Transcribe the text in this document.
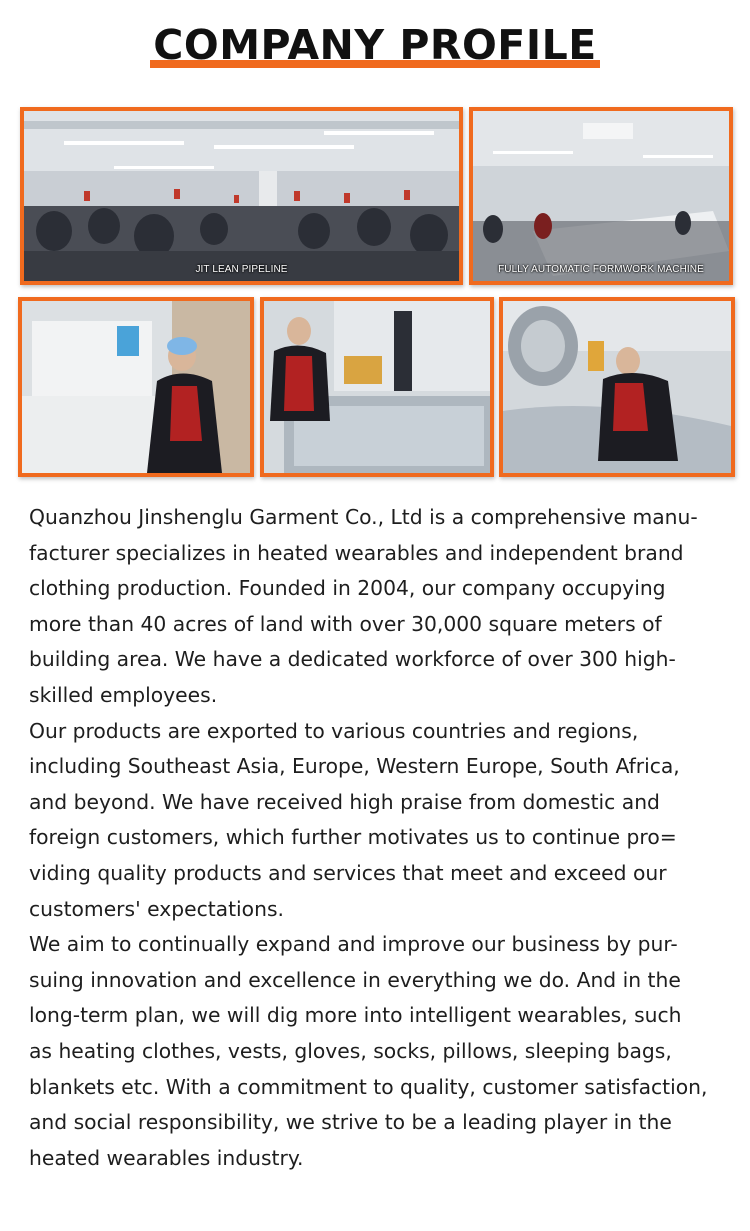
COMPANY PROFILE
JIT LEAN PIPELINE	FULLY AUTOMATIC FORMWORK MACHINE
Quanzhou Jinshenglu Garment Co., Ltd is a comprehensive manu-
facturer specializes in heated wearables and independent brand
clothing production. Founded in 2004, our company occupying
more than 40 acres of land with over 30,000 square meters of
building area. We have a dedicated workforce of over 300 high-
skilled employees.
Our products are exported to various countries and regions,
including Southeast Asia, Europe, Western Europe, South Africa,
and beyond. We have received high praise from domestic and
foreign customers, which further motivates us to continue pro=
viding quality products and services that meet and exceed our
customers' expectations.
We aim to continually expand and improve our business by pur-
suing innovation and excellence in everything we do. And in the
long-term plan, we will dig more into intelligent wearables, such
as heating clothes, vests, gloves, socks, pillows, sleeping bags,
blankets etc. With a commitment to quality, customer satisfaction,
and social responsibility, we strive to be a leading player in the
heated wearables industry.
